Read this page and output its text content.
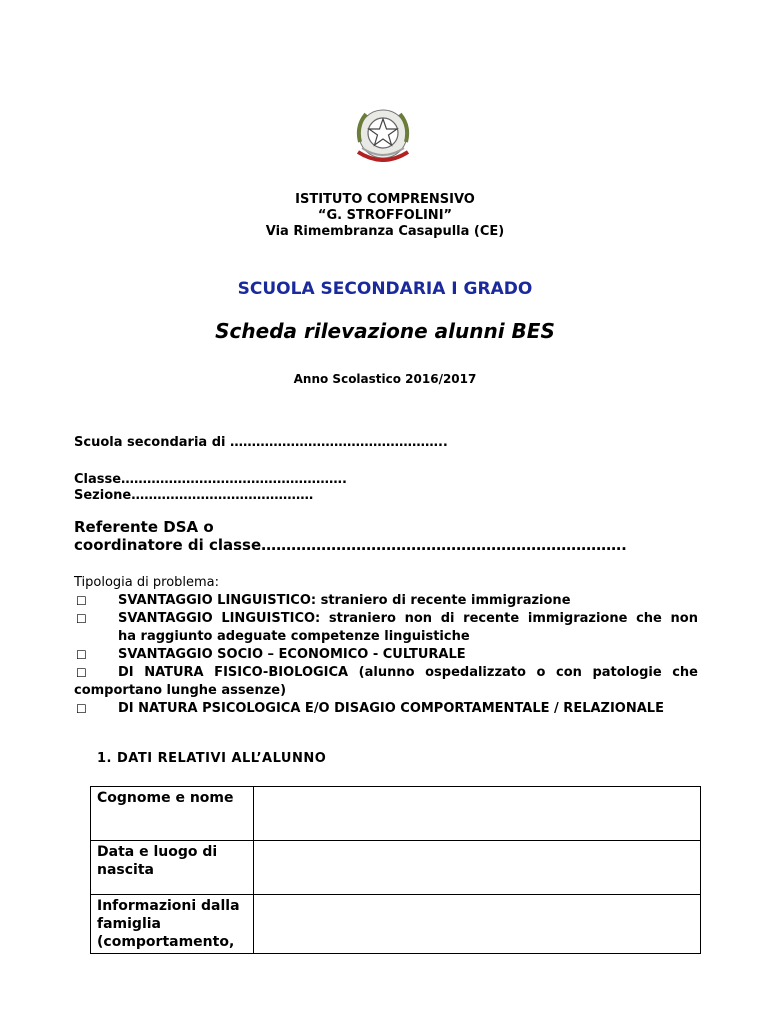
ISTITUTO COMPRENSIVO
“G. STROFFOLINI”
Via Rimembranza Casapulla (CE)
SCUOLA SECONDARIA I GRADO
Scheda rilevazione alunni BES
Anno Scolastico 2016/2017
Scuola secondaria di …………………………………………..
Classe…………………………………………….
Sezione……………………………………
Referente DSA o
coordinatore di classe……………………………………………………………….
Tipologia di problema:
☐	SVANTAGGIO LINGUISTICO: straniero di recente immigrazione
☐	SVANTAGGIO LINGUISTICO: straniero non di recente immigrazione che non
ha raggiunto adeguate competenze linguistiche
☐	SVANTAGGIO SOCIO – ECONOMICO - CULTURALE
☐	DI NATURA FISICO-BIOLOGICA (alunno ospedalizzato o con patologie che
comportano lunghe assenze)
☐	DI NATURA PSICOLOGICA E/O DISAGIO COMPORTAMENTALE / RELAZIONALE
1. DATI RELATIVI ALL’ALUNNO
Cognome e nome	
Data e luogo di nascita	
Informazioni dalla famiglia (comportamento,	
